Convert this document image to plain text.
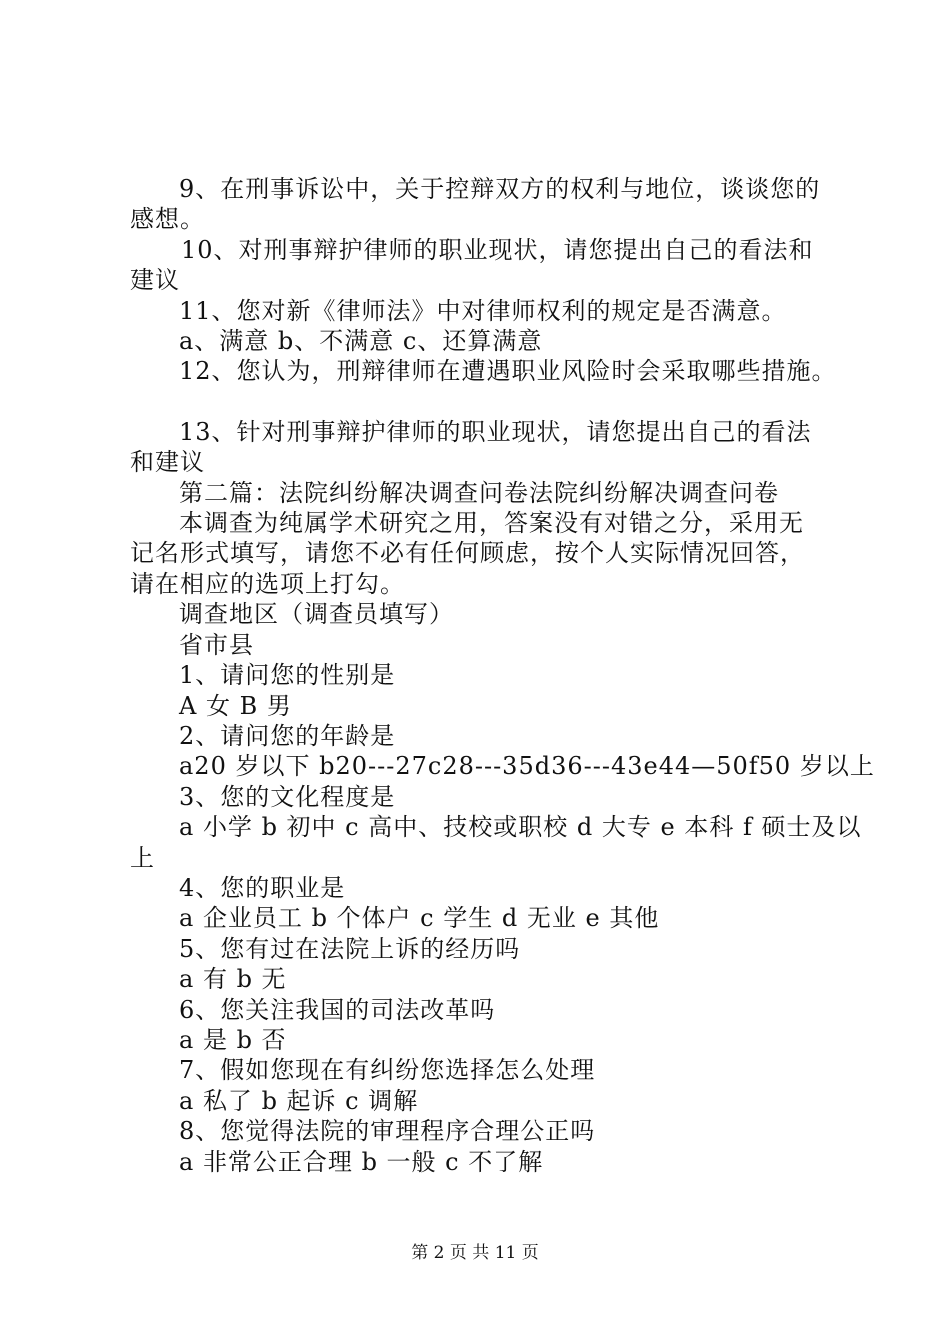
9、在刑事诉讼中，关于控辩双方的权利与地位，谈谈您的
感想。
10、对刑事辩护律师的职业现状，请您提出自己的看法和
建议
11、您对新《律师法》中对律师权利的规定是否满意。
a、满意 b、不满意 c、还算满意
12、您认为，刑辩律师在遭遇职业风险时会采取哪些措施。
13、针对刑事辩护律师的职业现状，请您提出自己的看法
和建议
第二篇：法院纠纷解决调查问卷法院纠纷解决调查问卷
本调查为纯属学术研究之用，答案没有对错之分，采用无
记名形式填写，请您不必有任何顾虑，按个人实际情况回答，
请在相应的选项上打勾。
调查地区（调查员填写）
省市县
1、请问您的性别是
A 女 B 男
2、请问您的年龄是
a20 岁以下 b20---27c28---35d36---43e44—50f50 岁以上
3、您的文化程度是
a 小学 b 初中 c 高中、技校或职校 d 大专 e 本科 f 硕士及以
上
4、您的职业是
a 企业员工 b 个体户 c 学生 d 无业 e 其他
5、您有过在法院上诉的经历吗
a 有 b 无
6、您关注我国的司法改革吗
a 是 b 否
7、假如您现在有纠纷您选择怎么处理
a 私了 b 起诉 c 调解
8、您觉得法院的审理程序合理公正吗
a 非常公正合理 b 一般 c 不了解
第 2 页 共 11 页
